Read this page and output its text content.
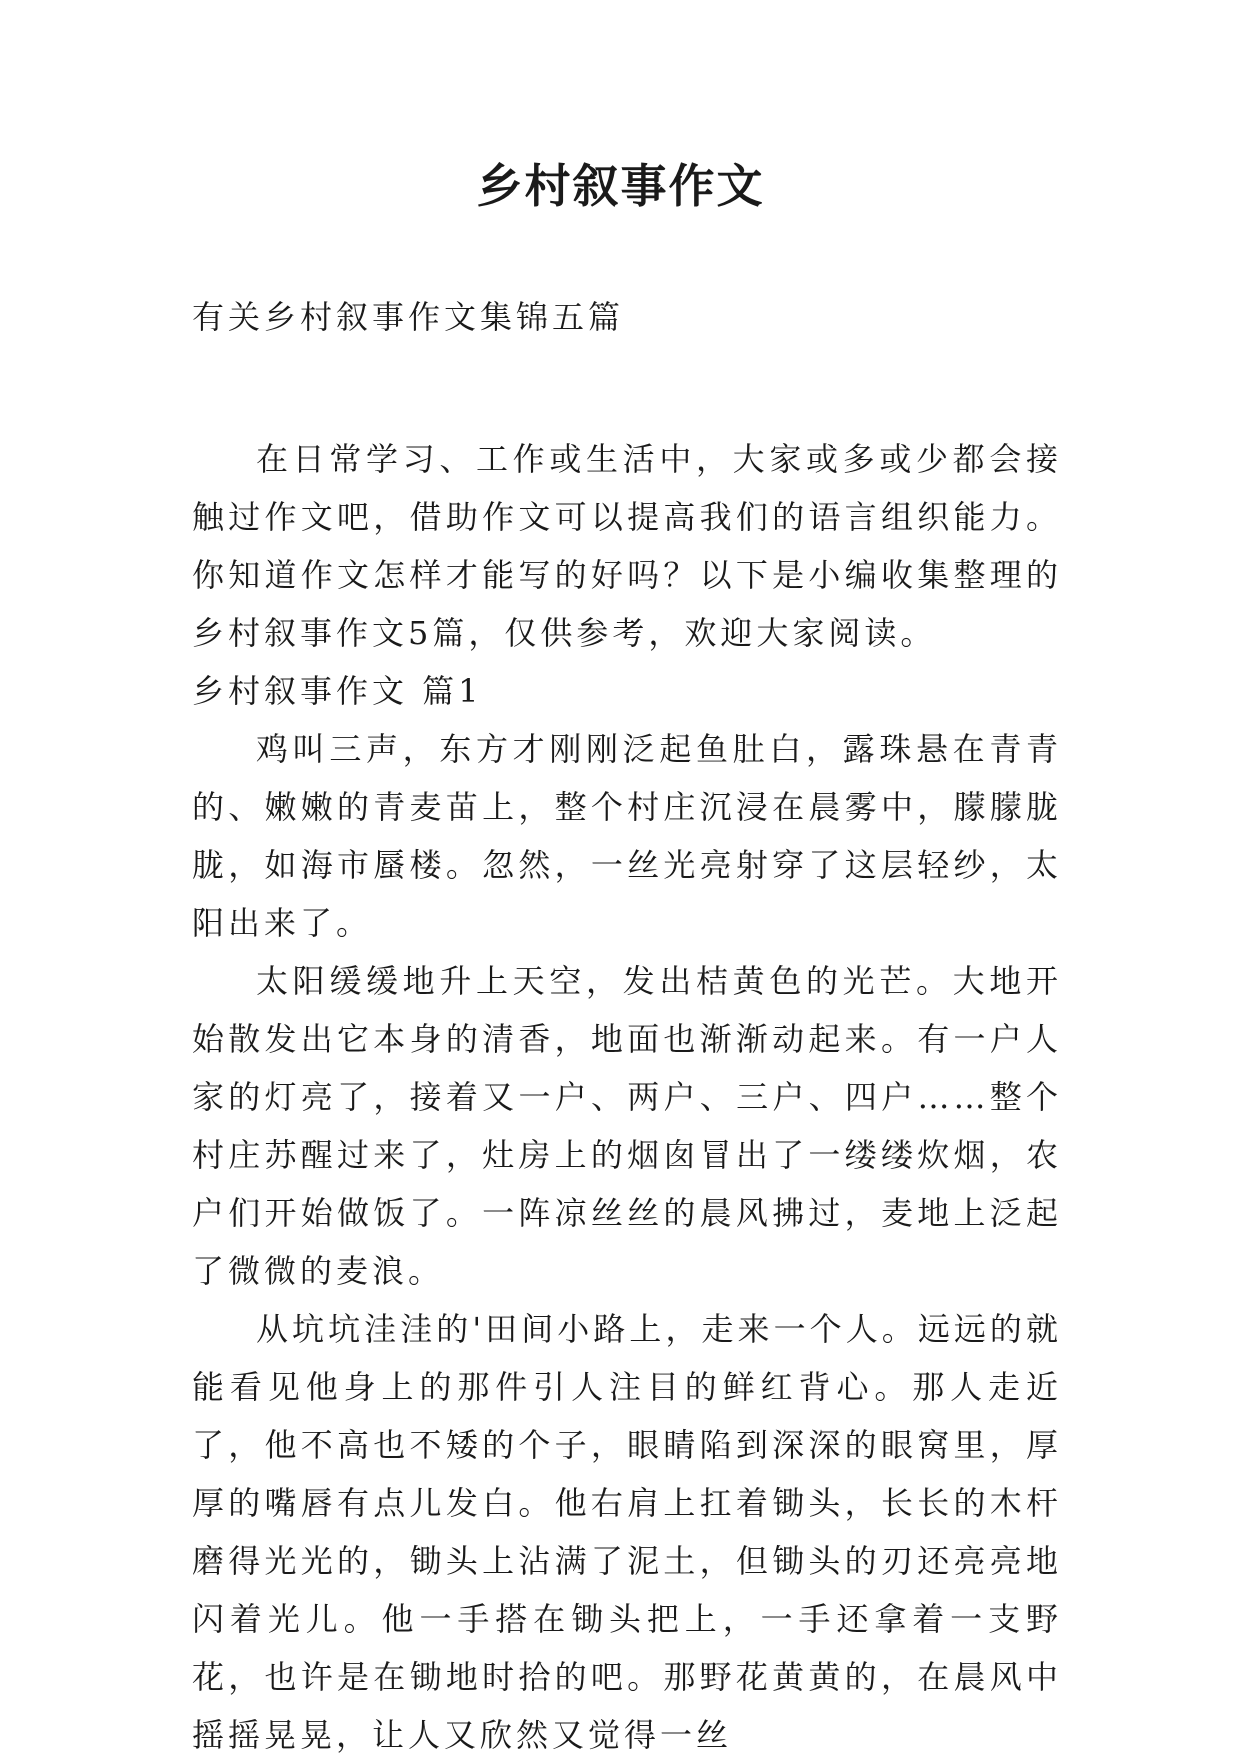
乡村叙事作文

有关乡村叙事作文集锦五篇

在日常学习、工作或生活中，大家或多或少都会接触过作文吧，借助作文可以提高我们的语言组织能力。你知道作文怎样才能写的好吗？以下是小编收集整理的乡村叙事作文5篇，仅供参考，欢迎大家阅读。

乡村叙事作文 篇1

鸡叫三声，东方才刚刚泛起鱼肚白，露珠悬在青青的、嫩嫩的青麦苗上，整个村庄沉浸在晨雾中，朦朦胧胧，如海市蜃楼。忽然，一丝光亮射穿了这层轻纱，太阳出来了。

太阳缓缓地升上天空，发出桔黄色的光芒。大地开始散发出它本身的清香，地面也渐渐动起来。有一户人家的灯亮了，接着又一户、两户、三户、四户……整个村庄苏醒过来了，灶房上的烟囱冒出了一缕缕炊烟，农户们开始做饭了。一阵凉丝丝的晨风拂过，麦地上泛起了微微的麦浪。

从坑坑洼洼的'田间小路上，走来一个人。远远的就能看见他身上的那件引人注目的鲜红背心。那人走近了，他不高也不矮的个子，眼睛陷到深深的眼窝里，厚厚的嘴唇有点儿发白。他右肩上扛着锄头，长长的木杆磨得光光的，锄头上沾满了泥土，但锄头的刃还亮亮地闪着光儿。他一手搭在锄头把上，一手还拿着一支野花，也许是在锄地时拾的吧。那野花黄黄的，在晨风中摇摇晃晃，让人又欣然又觉得一丝
